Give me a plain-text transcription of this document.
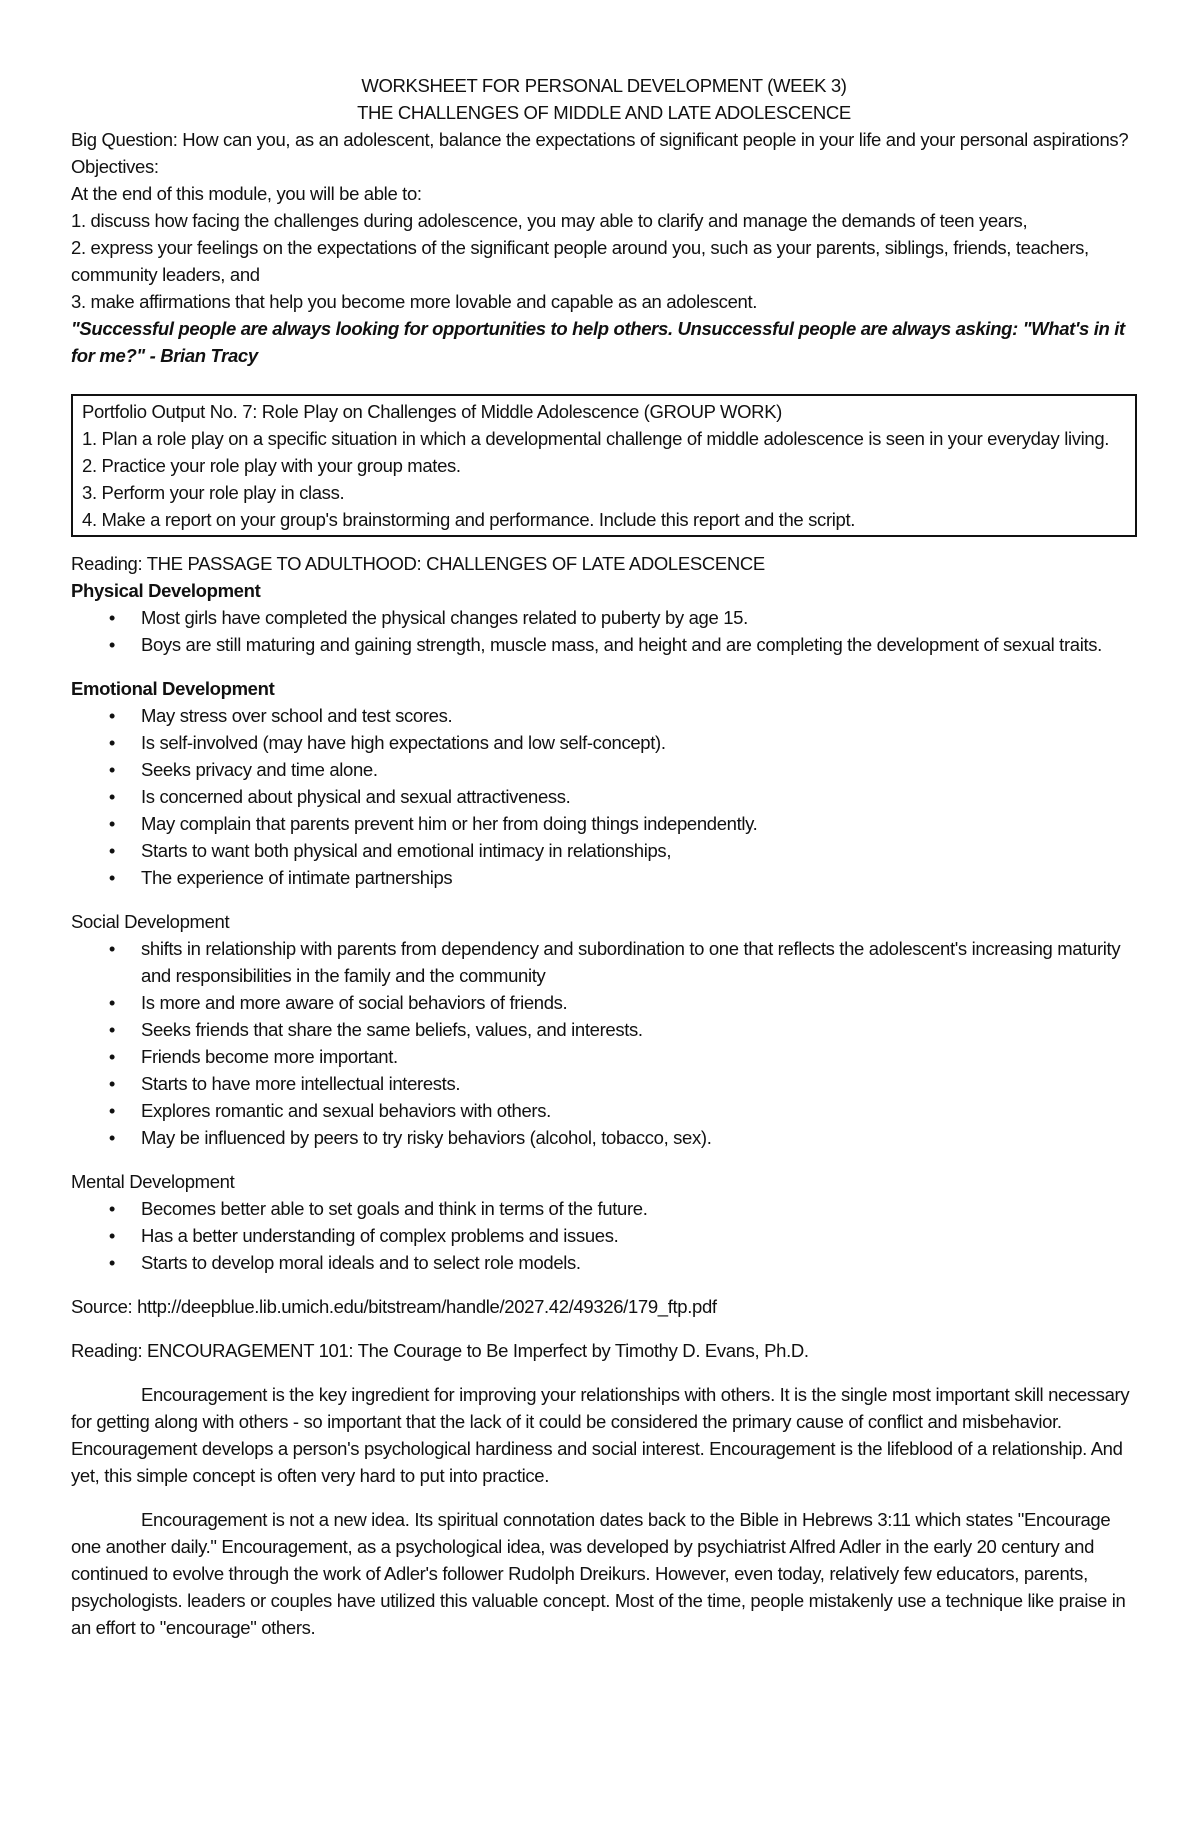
WORKSHEET FOR PERSONAL DEVELOPMENT (WEEK 3)

THE CHALLENGES OF MIDDLE AND LATE ADOLESCENCE

Big Question: How can you, as an adolescent, balance the expectations of significant people in your life and your personal aspirations?

Objectives:

At the end of this module, you will be able to:

1. discuss how facing the challenges during adolescence, you may able to clarify and manage the demands of teen years,

2. express your feelings on the expectations of the significant people around you, such as your parents, siblings, friends, teachers, community leaders, and

3. make affirmations that help you become more lovable and capable as an adolescent.

"Successful people are always looking for opportunities to help others. Unsuccessful people are always asking: "What's in it for me?" - Brian Tracy

Portfolio Output No. 7: Role Play on Challenges of Middle Adolescence (GROUP WORK)

1. Plan a role play on a specific situation in which a developmental challenge of middle adolescence is seen in your everyday living.

2. Practice your role play with your group mates.

3. Perform your role play in class.

4. Make a report on your group's brainstorming and performance. Include this report and the script.

Reading: THE PASSAGE TO ADULTHOOD: CHALLENGES OF LATE ADOLESCENCE

Physical Development

• Most girls have completed the physical changes related to puberty by age 15.
• Boys are still maturing and gaining strength, muscle mass, and height and are completing the development of sexual traits.

Emotional Development

• May stress over school and test scores.
• Is self-involved (may have high expectations and low self-concept).
• Seeks privacy and time alone.
• Is concerned about physical and sexual attractiveness.
• May complain that parents prevent him or her from doing things independently.
• Starts to want both physical and emotional intimacy in relationships,
• The experience of intimate partnerships

Social Development

• shifts in relationship with parents from dependency and subordination to one that reflects the adolescent's increasing maturity and responsibilities in the family and the community
• Is more and more aware of social behaviors of friends.
• Seeks friends that share the same beliefs, values, and interests.
• Friends become more important.
• Starts to have more intellectual interests.
• Explores romantic and sexual behaviors with others.
• May be influenced by peers to try risky behaviors (alcohol, tobacco, sex).

Mental Development

• Becomes better able to set goals and think in terms of the future.
• Has a better understanding of complex problems and issues.
• Starts to develop moral ideals and to select role models.

Source: http://deepblue.lib.umich.edu/bitstream/handle/2027.42/49326/179_ftp.pdf

Reading: ENCOURAGEMENT 101: The Courage to Be Imperfect by Timothy D. Evans, Ph.D.

Encouragement is the key ingredient for improving your relationships with others. It is the single most important skill necessary for getting along with others - so important that the lack of it could be considered the primary cause of conflict and misbehavior. Encouragement develops a person's psychological hardiness and social interest. Encouragement is the lifeblood of a relationship. And yet, this simple concept is often very hard to put into practice.

Encouragement is not a new idea. Its spiritual connotation dates back to the Bible in Hebrews 3:11 which states "Encourage one another daily." Encouragement, as a psychological idea, was developed by psychiatrist Alfred Adler in the early 20 century and continued to evolve through the work of Adler's follower Rudolph Dreikurs. However, even today, relatively few educators, parents, psychologists. leaders or couples have utilized this valuable concept. Most of the time, people mistakenly use a technique like praise in an effort to "encourage" others.
